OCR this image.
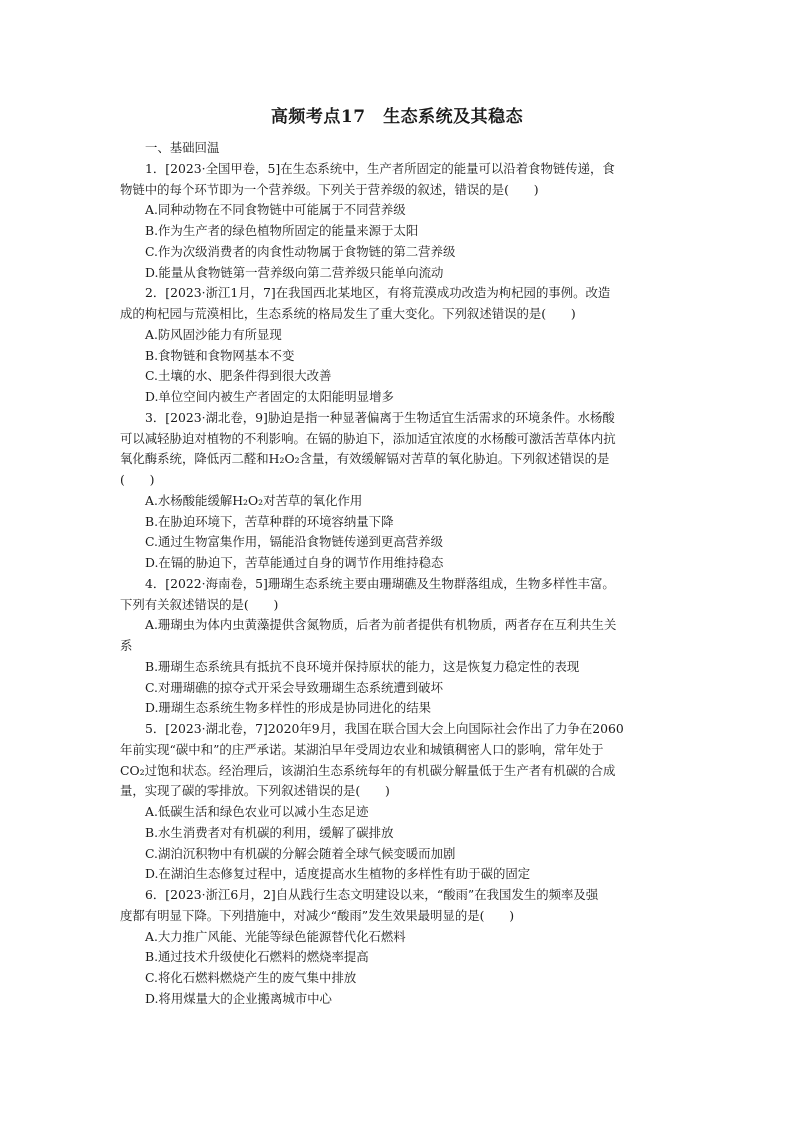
高频考点17　生态系统及其稳态
一、基础回温
1．[2023·全国甲卷，5]在生态系统中，生产者所固定的能量可以沿着食物链传递，食
物链中的每个环节即为一个营养级。下列关于营养级的叙述，错误的是(　　)
A.同种动物在不同食物链中可能属于不同营养级
B.作为生产者的绿色植物所固定的能量来源于太阳
C.作为次级消费者的肉食性动物属于食物链的第二营养级
D.能量从食物链第一营养级向第二营养级只能单向流动
2．[2023·浙江1月，7]在我国西北某地区，有将荒漠成功改造为枸杞园的事例。改造
成的枸杞园与荒漠相比，生态系统的格局发生了重大变化。下列叙述错误的是(　　)
A.防风固沙能力有所显现
B.食物链和食物网基本不变
C.土壤的水、肥条件得到很大改善
D.单位空间内被生产者固定的太阳能明显增多
3．[2023·湖北卷，9]胁迫是指一种显著偏离于生物适宜生活需求的环境条件。水杨酸
可以减轻胁迫对植物的不利影响。在镉的胁迫下，添加适宜浓度的水杨酸可激活苦草体内抗
氧化酶系统，降低丙二醛和H₂O₂含量，有效缓解镉对苦草的氧化胁迫。下列叙述错误的是
(　　)
A.水杨酸能缓解H₂O₂对苦草的氧化作用
B.在胁迫环境下，苦草种群的环境容纳量下降
C.通过生物富集作用，镉能沿食物链传递到更高营养级
D.在镉的胁迫下，苦草能通过自身的调节作用维持稳态
4．[2022·海南卷，5]珊瑚生态系统主要由珊瑚礁及生物群落组成，生物多样性丰富。
下列有关叙述错误的是(　　)
A.珊瑚虫为体内虫黄藻提供含氮物质，后者为前者提供有机物质，两者存在互利共生关
系
B.珊瑚生态系统具有抵抗不良环境并保持原状的能力，这是恢复力稳定性的表现
C.对珊瑚礁的掠夺式开采会导致珊瑚生态系统遭到破坏
D.珊瑚生态系统生物多样性的形成是协同进化的结果
5．[2023·湖北卷，7]2020年9月，我国在联合国大会上向国际社会作出了力争在2060
年前实现“碳中和”的庄严承诺。某湖泊早年受周边农业和城镇稠密人口的影响，常年处于
CO₂过饱和状态。经治理后，该湖泊生态系统每年的有机碳分解量低于生产者有机碳的合成
量，实现了碳的零排放。下列叙述错误的是(　　)
A.低碳生活和绿色农业可以减小生态足迹
B.水生消费者对有机碳的利用，缓解了碳排放
C.湖泊沉积物中有机碳的分解会随着全球气候变暖而加剧
D.在湖泊生态修复过程中，适度提高水生植物的多样性有助于碳的固定
6．[2023·浙江6月，2]自从践行生态文明建设以来，“酸雨”在我国发生的频率及强
度都有明显下降。下列措施中，对减少“酸雨”发生效果最明显的是(　　)
A.大力推广风能、光能等绿色能源替代化石燃料
B.通过技术升级使化石燃料的燃烧率提高
C.将化石燃料燃烧产生的废气集中排放
D.将用煤量大的企业搬离城市中心
